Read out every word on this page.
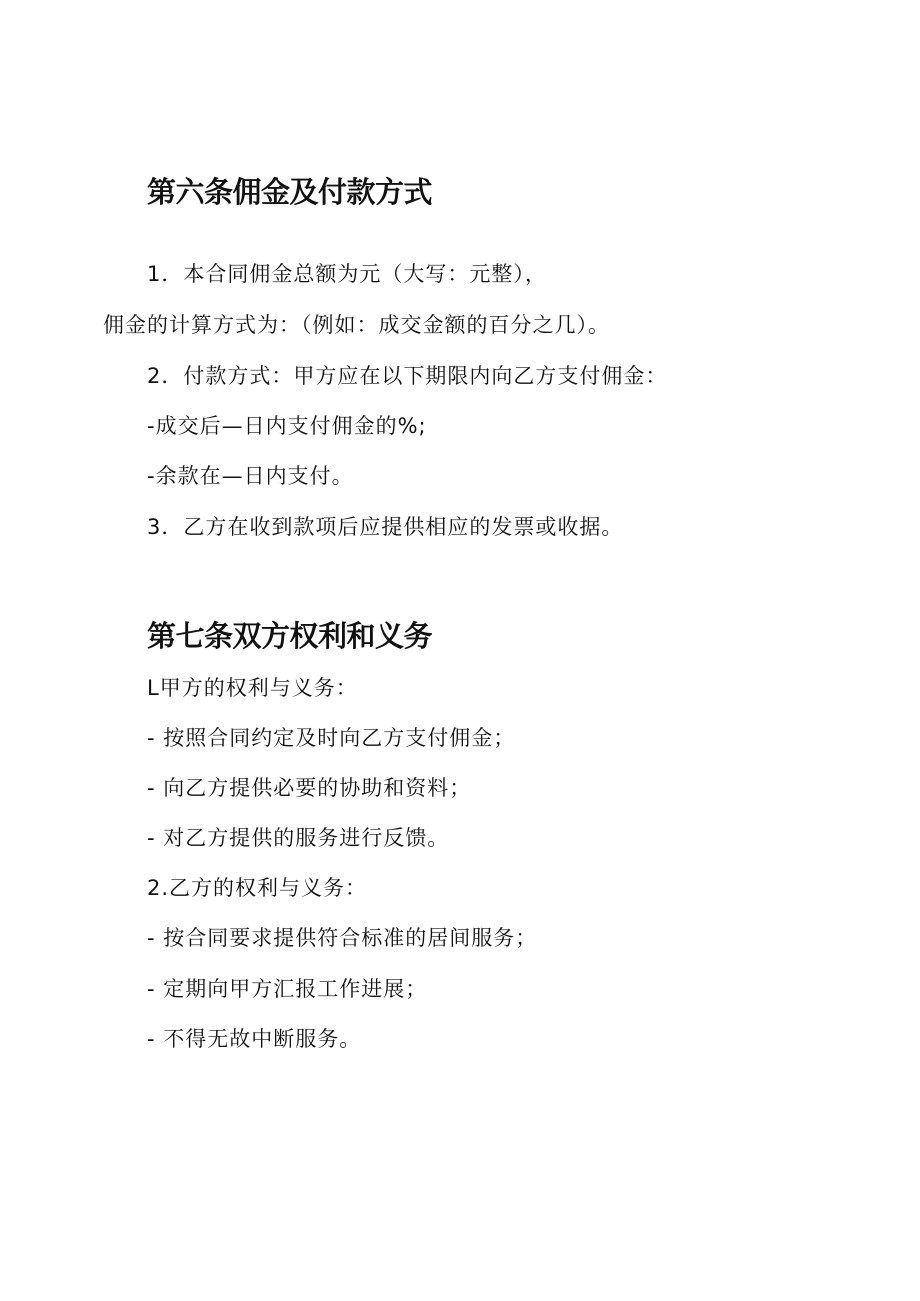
第六条佣金及付款方式
1．本合同佣金总额为元（大写：元整），
佣金的计算方式为：（例如：成交金额的百分之几）。
2．付款方式：甲方应在以下期限内向乙方支付佣金：
-成交后—日内支付佣金的%;
-余款在—日内支付。
3．乙方在收到款项后应提供相应的发票或收据。
第七条双方权利和义务
L甲方的权利与义务：
- 按照合同约定及时向乙方支付佣金；
- 向乙方提供必要的协助和资料；
- 对乙方提供的服务进行反馈。
2.乙方的权利与义务：
- 按合同要求提供符合标准的居间服务；
- 定期向甲方汇报工作进展；
- 不得无故中断服务。
